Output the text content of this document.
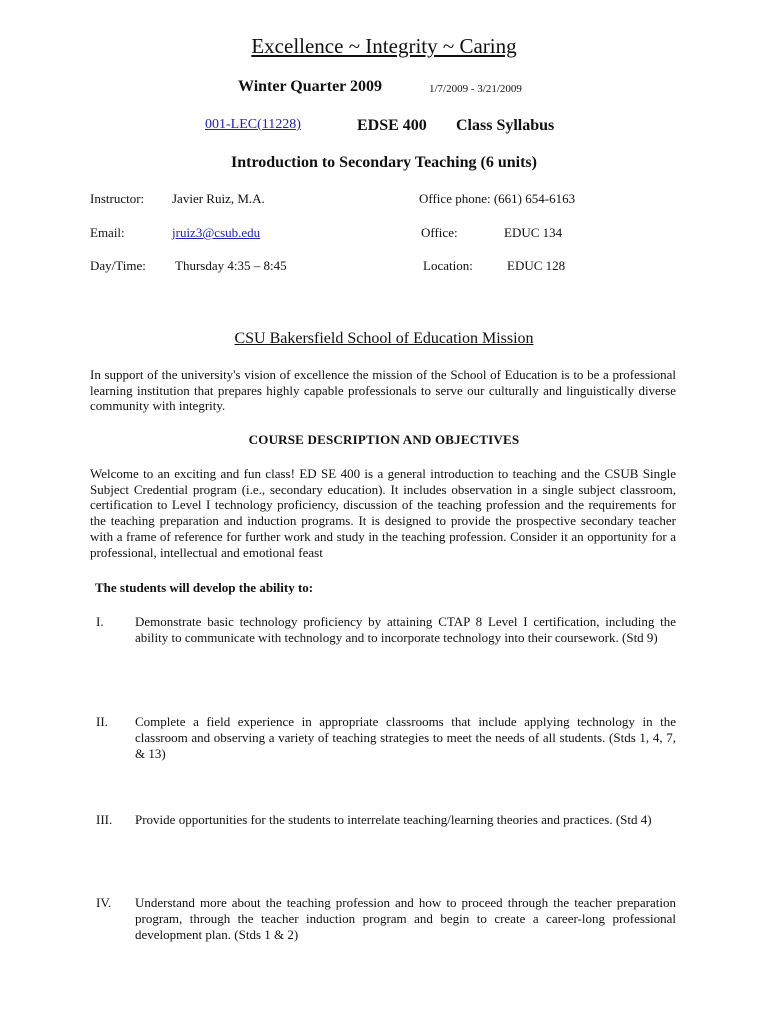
Excellence ~ Integrity ~ Caring
Winter Quarter 2009	1/7/2009 - 3/21/2009
001-LEC(11228)	EDSE 400 Class Syllabus
Introduction to Secondary Teaching (6 units)
Instructor: Javier Ruiz, M.A.	Office phone: (661) 654-6163
Email:	jruiz3@csub.edu	Office:	EDUC 134
Day/Time: Thursday 4:35 – 8:45	Location:	EDUC 128
CSU Bakersfield School of Education Mission

In support of the university's vision of excellence the mission of the School of Education is to be a professional learning institution that prepares highly capable professionals to serve our culturally and linguistically diverse community with integrity.

COURSE DESCRIPTION AND OBJECTIVES

Welcome to an exciting and fun class! ED SE 400 is a general introduction to teaching and the CSUB Single Subject Credential program (i.e., secondary education). It includes observation in a single subject classroom, certification to Level I technology proficiency, discussion of the teaching profession and the requirements for the teaching preparation and induction programs. It is designed to provide the prospective secondary teacher with a frame of reference for further work and study in the teaching profession. Consider it an opportunity for a professional, intellectual and emotional feast

The students will develop the ability to:
I. Demonstrate basic technology proficiency by attaining CTAP 8 Level I certification, including the ability to communicate with technology and to incorporate technology into their coursework. (Std 9)

II. Complete a field experience in appropriate classrooms that include applying technology in the classroom and observing a variety of teaching strategies to meet the needs of all students. (Stds 1, 4, 7, & 13)

III. Provide opportunities for the students to interrelate teaching/learning theories and practices. (Std 4)

IV. Understand more about the teaching profession and how to proceed through the teacher preparation program, through the teacher induction program and begin to create a career-long professional development plan. (Stds 1 & 2)
